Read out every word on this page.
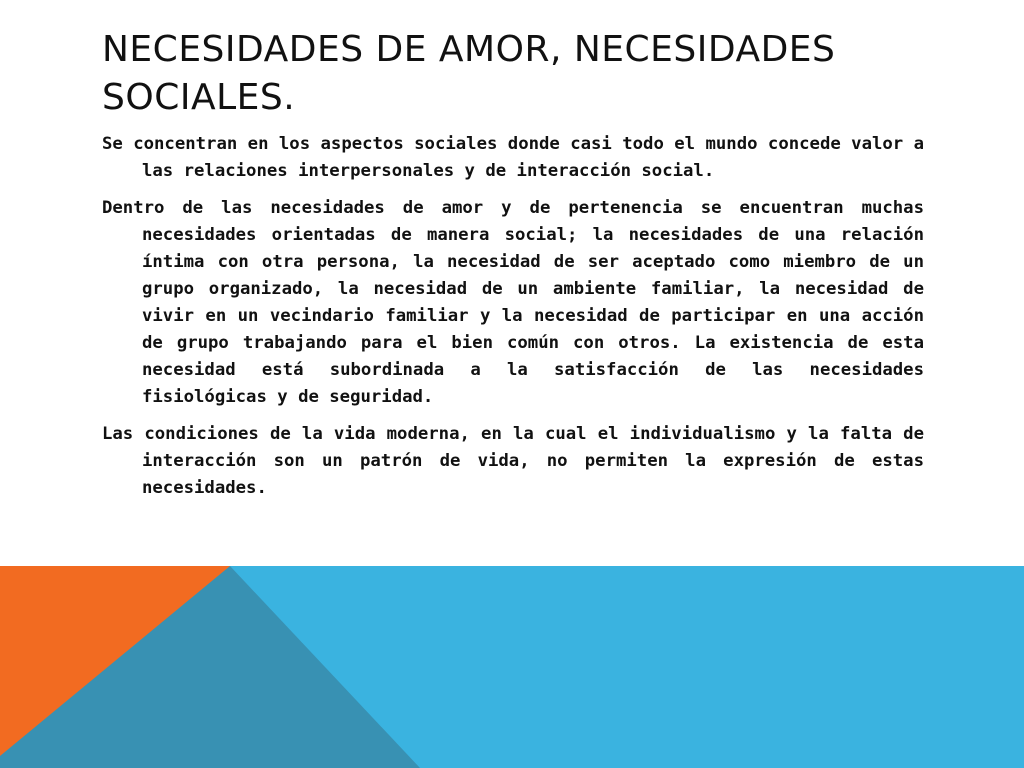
NECESIDADES DE AMOR, NECESIDADES SOCIALES.

Se concentran en los aspectos sociales donde casi todo el mundo concede valor a las relaciones interpersonales y de interacción social.

Dentro de las necesidades de amor y de pertenencia se encuentran muchas necesidades orientadas de manera social; la necesidades de una relación íntima con otra persona, la necesidad de ser aceptado como miembro de un grupo organizado, la necesidad de un ambiente familiar, la necesidad de vivir en un vecindario familiar y la necesidad de participar en una acción de grupo trabajando para el bien común con otros. La existencia de esta necesidad está subordinada a la satisfacción de las necesidades fisiológicas y de seguridad.

Las condiciones de la vida moderna, en la cual el individualismo y la falta de interacción son un patrón de vida, no permiten la expresión de estas necesidades.
